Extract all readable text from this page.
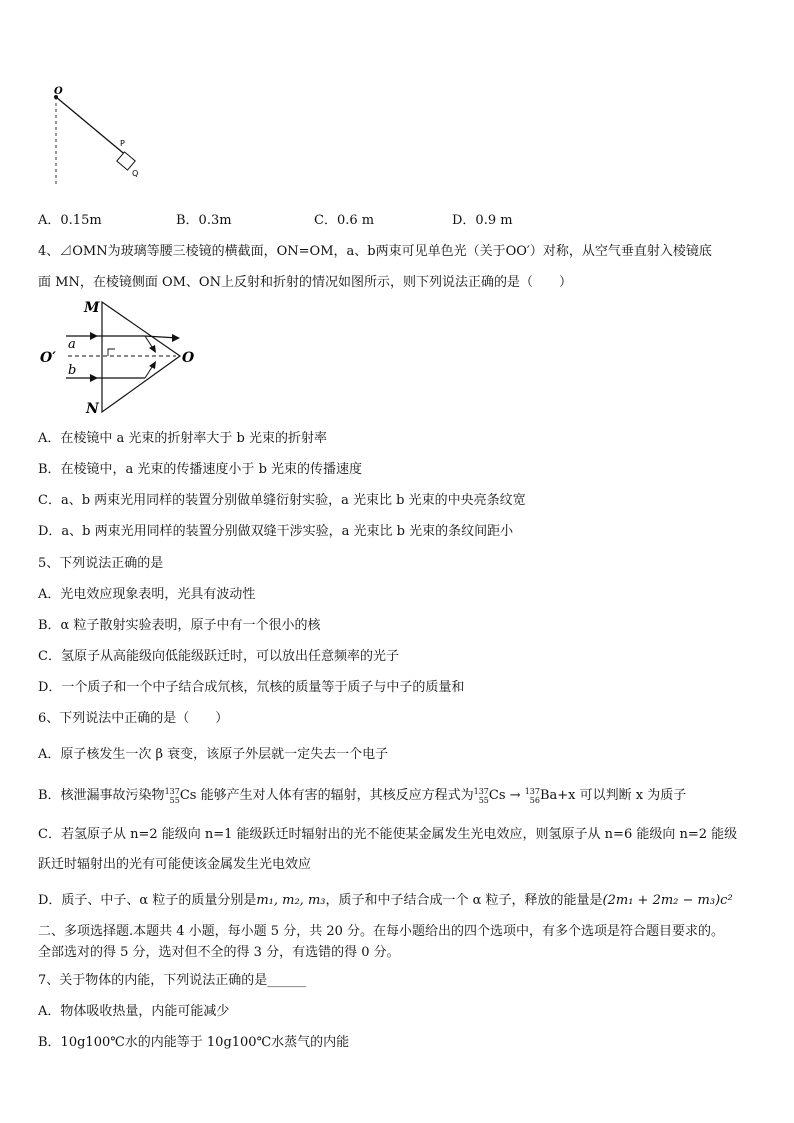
O
P
Q
A．0.15m	B．0.3m	C．0.6 m	D．0.9 m
4、⊿OMN为玻璃等腰三棱镜的横截面，ON=OM，a、b两束可见单色光（关于OO′）对称，从空气垂直射入棱镜底
面 MN，在棱镜侧面 OM、ON上反射和折射的情况如图所示，则下列说法正确的是（　　）
M
N
O
O′
a
b
A．在棱镜中 a 光束的折射率大于 b 光束的折射率
B．在棱镜中，a 光束的传播速度小于 b 光束的传播速度
C．a、b 两束光用同样的装置分别做单缝衍射实验，a 光束比 b 光束的中央亮条纹宽
D．a、b 两束光用同样的装置分别做双缝干涉实验，a 光束比 b 光束的条纹间距小
5、下列说法正确的是
A．光电效应现象表明，光具有波动性
B．α 粒子散射实验表明，原子中有一个很小的核
C．氢原子从高能级向低能级跃迁时，可以放出任意频率的光子
D．一个质子和一个中子结合成氘核，氘核的质量等于质子与中子的质量和
6、下列说法中正确的是（　　）
A．原子核发生一次 β 衰变，该原子外层就一定失去一个电子
B．核泄漏事故污染物 137
55 Cs 能够产生对人体有害的辐射，其核反应方程式为 137
55 Cs → 137
56 Ba+x 可以判断 x 为质子
C．若氢原子从 n=2 能级向 n=1 能级跃迁时辐射出的光不能使某金属发生光电效应，则氢原子从 n=6 能级向 n=2 能级
跃迁时辐射出的光有可能使该金属发生光电效应
D．质子、中子、α 粒子的质量分别是m₁, m₂, m₃，质子和中子结合成一个 α 粒子，释放的能量是(2m₁ + 2m₂ − m₃)c²
二、多项选择题.本题共 4 小题，每小题 5 分，共 20 分。在每小题给出的四个选项中，有多个选项是符合题目要求的。
全部选对的得 5 分，选对但不全的得 3 分，有选错的得 0 分。
7、关于物体的内能，下列说法正确的是______
A．物体吸收热量，内能可能减少
B．10g100℃水的内能等于 10g100℃水蒸气的内能
